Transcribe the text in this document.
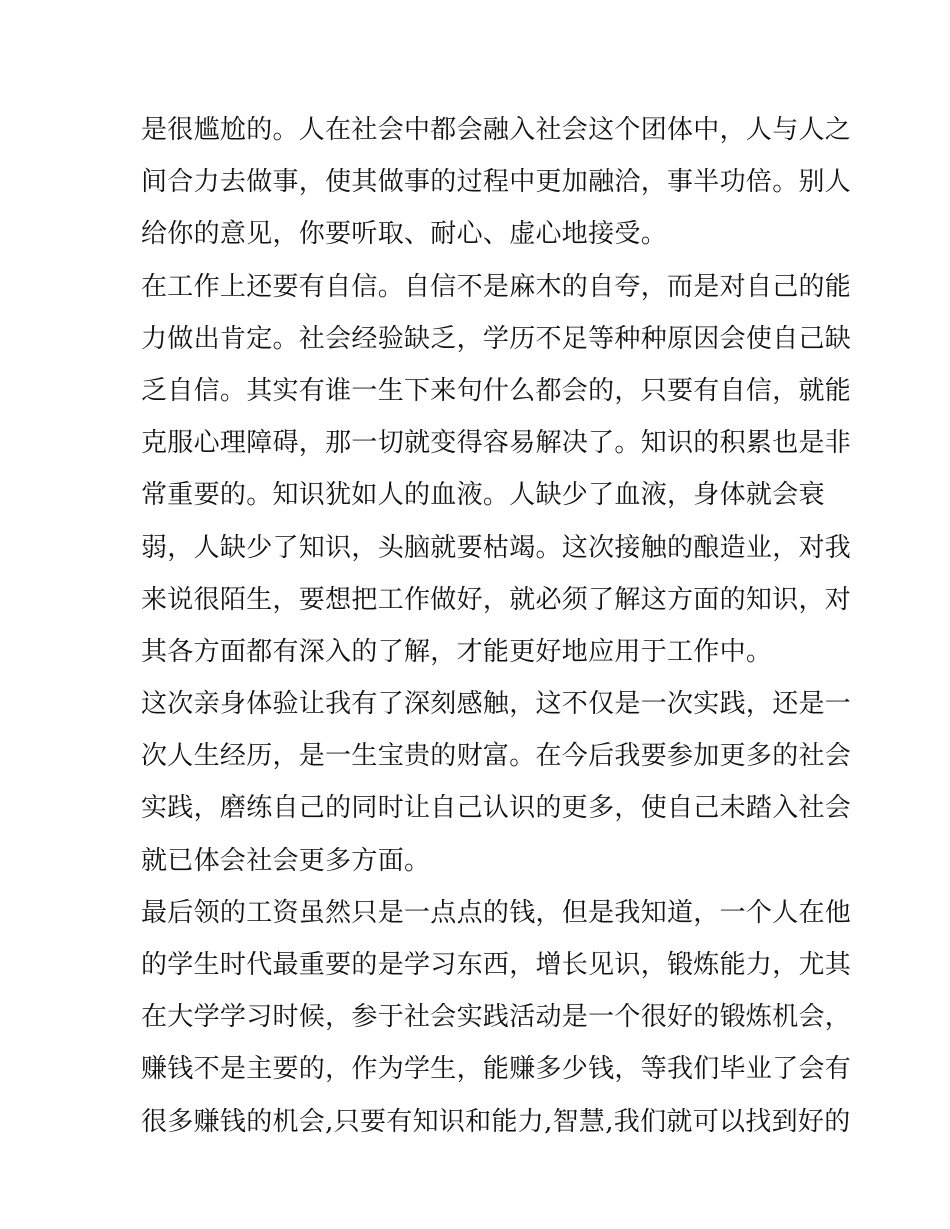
是很尴尬的。人在社会中都会融入社会这个团体中，人与人之
间合力去做事，使其做事的过程中更加融洽，事半功倍。别人
给你的意见，你要听取、耐心、虚心地接受。
在工作上还要有自信。自信不是麻木的自夸，而是对自己的能
力做出肯定。社会经验缺乏，学历不足等种种原因会使自己缺
乏自信。其实有谁一生下来句什么都会的，只要有自信，就能
克服心理障碍，那一切就变得容易解决了。知识的积累也是非
常重要的。知识犹如人的血液。人缺少了血液，身体就会衰
弱，人缺少了知识，头脑就要枯竭。这次接触的酿造业，对我
来说很陌生，要想把工作做好，就必须了解这方面的知识，对
其各方面都有深入的了解，才能更好地应用于工作中。
这次亲身体验让我有了深刻感触，这不仅是一次实践，还是一
次人生经历，是一生宝贵的财富。在今后我要参加更多的社会
实践，磨练自己的同时让自己认识的更多，使自己未踏入社会
就已体会社会更多方面。
最后领的工资虽然只是一点点的钱，但是我知道，一个人在他
的学生时代最重要的是学习东西，增长见识，锻炼能力，尤其
在大学学习时候，参于社会实践活动是一个很好的锻炼机会，
赚钱不是主要的，作为学生，能赚多少钱，等我们毕业了会有
很多赚钱的机会,只要有知识和能力,智慧,我们就可以找到好的
